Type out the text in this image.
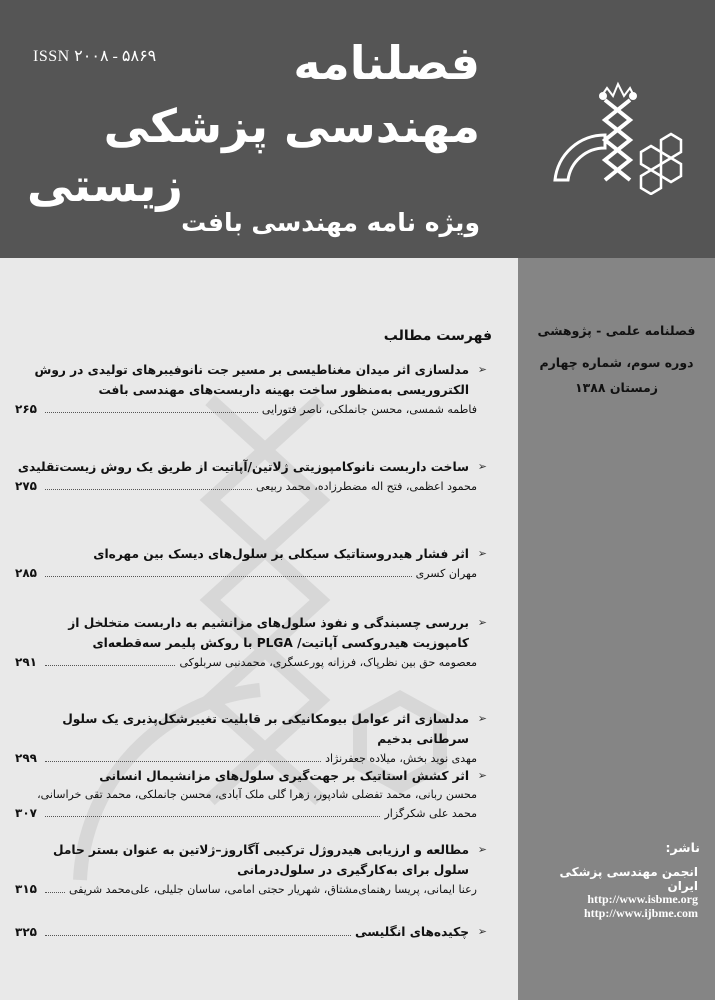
ISSN ۲۰۰۸ - ۵۸۶۹	فصلنامه
مهندسی پزشکی
زیستی
ویژه نامه مهندسی بافت
فصلنامه علمی - پژوهشی
دوره سوم، شماره چهارم
زمستان ۱۳۸۸
ناشر:
انجمن مهندسی پزشکی ایران
http://www.isbme.org
http://www.ijbme.com
فهرست مطالب
➢
مدلسازی اثر میدان مغناطیسی بر مسیر جت نانوفیبرهای تولیدی در روش الکتروریسی به‌منظور ساخت بهینه داربست‌های مهندسی بافت
فاطمه شمسی، محسن جانملکی، ناصر فتورایی
۲۶۵
➢
ساخت داربست نانوکامپوزیتی ژلاتین/آپاتیت از طریق یک روش زیست‌تقلیدی
محمود اعظمی، فتح اله مضطرزاده، محمد ربیعی
۲۷۵
➢
اثر فشار هیدروستاتیک سیکلی بر سلول‌های دیسک بین مهره‌ای
مهران کسری
۲۸۵
➢
بررسی چسبندگی و نفوذ سلول‌های مزانشیم به داربست متخلخل از کامپوزیت هیدروکسی آپاتیت/ PLGA با روکش پلیمر سه‌قطعه‌ای
معصومه حق بین نظرپاک، فرزانه پورعسگری، محمدنبی سربلوکی
۲۹۱
➢
مدلسازی اثر عوامل بیومکانیکی بر قابلیت تغییرشکل‌پذیری یک سلول سرطانی بدخیم
مهدی نوید بخش، میلاده جعفرنژاد
۲۹۹
➢
اثر کشش استاتیک بر جهت‌گیری سلول‌های مزانشیمال انسانی
محسن ربانی، محمد تفضلی شادپور، زهرا گلی ملک آبادی، محسن جانملکی، محمد تقی خراسانی،
محمد علی شکرگزار
۳۰۷
➢
مطالعه و ارزیابی هیدروژل ترکیبی آگاروز–ژلاتین به عنوان بستر حامل سلول برای به‌کارگیری در سلول‌درمانی
رعنا ایمانی، پریسا رهنمای‌مشتاق، شهریار حجتی امامی، ساسان جلیلی، علی‌محمد شریفی
۳۱۵
➢
چکیده‌های انگلیسی
۳۲۵
